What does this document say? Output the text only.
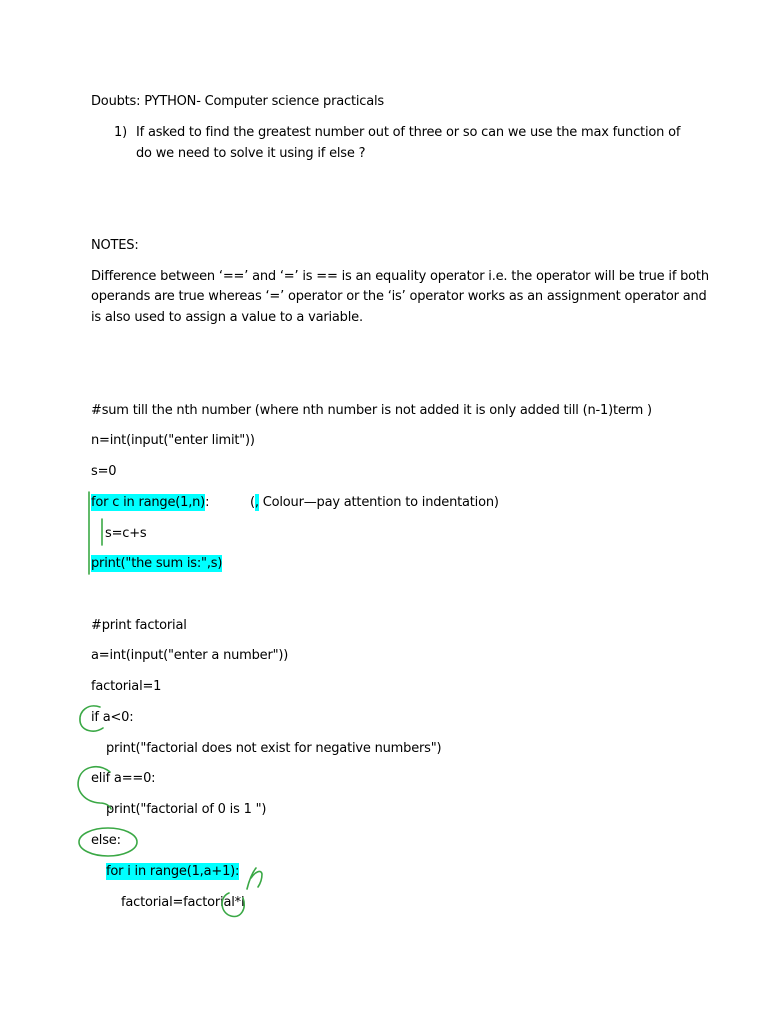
Doubts: PYTHON- Computer science practicals
1) If asked to find the greatest number out of three or so can we use the max function of
do we need to solve it using if else ?
NOTES:
Difference between ‘==’ and ‘=’ is == is an equality operator i.e. the operator will be true if both
operands are true whereas ‘=’ operator or the ‘is’ operator works as an assignment operator and
is also used to assign a value to a variable.
#sum till the nth number (where nth number is not added it is only added till (n-1)term )
n=int(input("enter limit"))
s=0
for c in range(1,n):	(, Colour—pay attention to indentation)
s=c+s
print("the sum is:",s)
#print factorial
a=int(input("enter a number"))
factorial=1
if a<0:
print("factorial does not exist for negative numbers")
elif a==0:
print("factorial of 0 is 1 ")
else:
for i in range(1,a+1):
factorial=factorial*i
